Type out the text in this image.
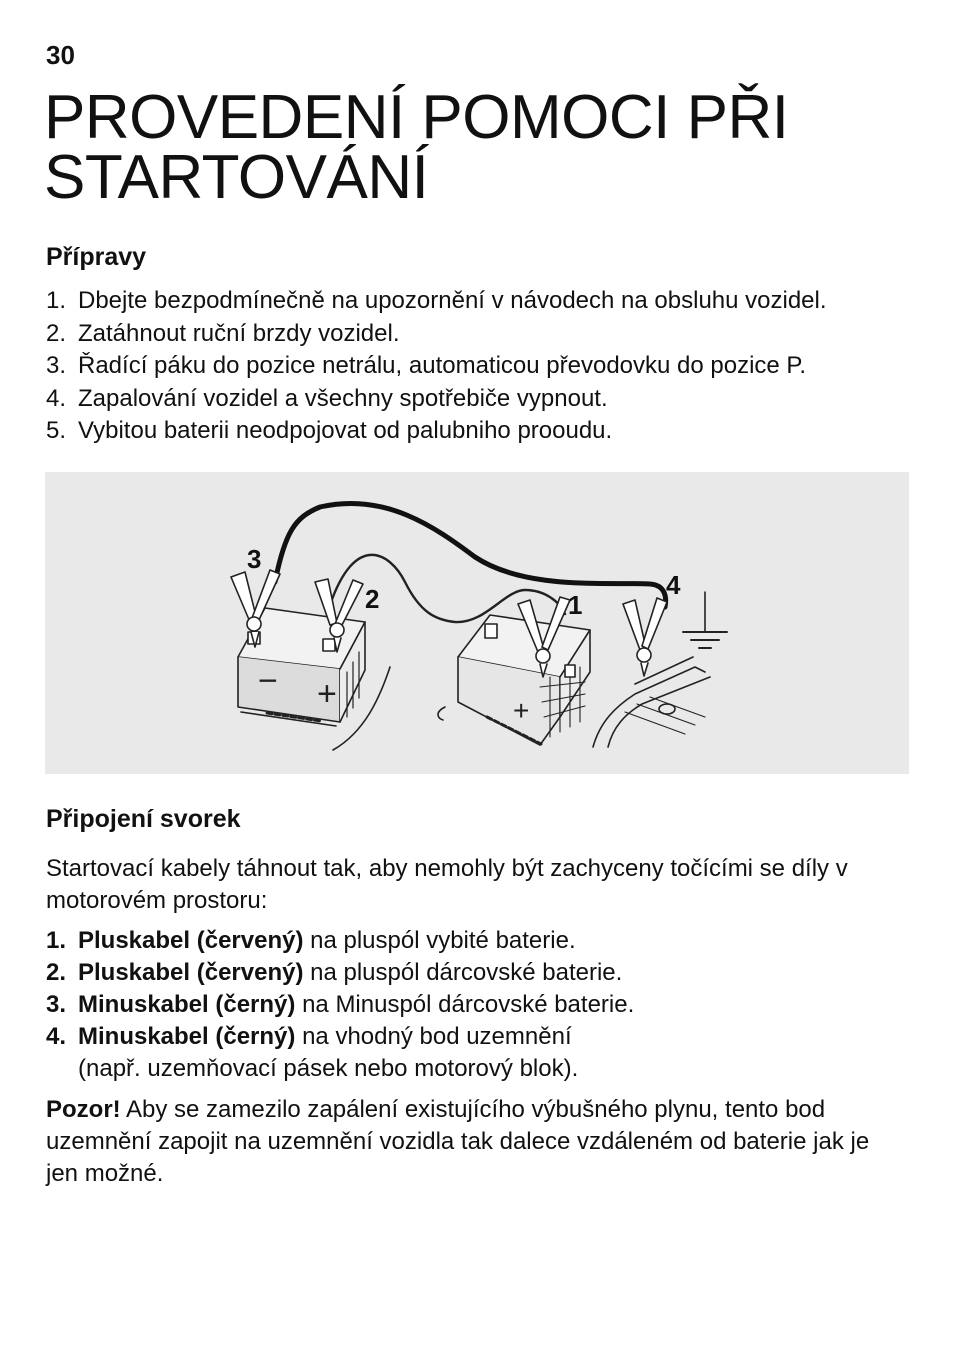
30
PROVEDENÍ POMOCI PŘI
STARTOVÁNÍ
Přípravy
1. Dbejte bezpodmínečně na upozornění v návodech na obsluhu vozidel.
2. Zatáhnout ruční brzdy vozidel.
3. Řadící páku do pozice netrálu, automaticou převodovku do pozice P.
4. Zapalování vozidel a všechny spotřebiče vypnout.
5. Vybitou baterii neodpojovat od palubniho prooudu.
− +	+
3
2	1
4
Připojení svorek

Startovací kabely táhnout tak, aby nemohly být zachyceny točícími se díly v motorovém prostoru:

1. Pluskabel (červený) na pluspól vybité baterie.
2. Pluskabel (červený) na pluspól dárcovské baterie.
3. Minuskabel (černý) na Minuspól dárcovské baterie.
4. Minuskabel (černý) na vhodný bod uzemnění
(např. uzemňovací pásek nebo motorový blok).

Pozor! Aby se zamezilo zapálení existujícího výbušného plynu, tento bod uzemnění zapojit na uzemnění vozidla tak dalece vzdáleném od baterie jak je jen možné.
